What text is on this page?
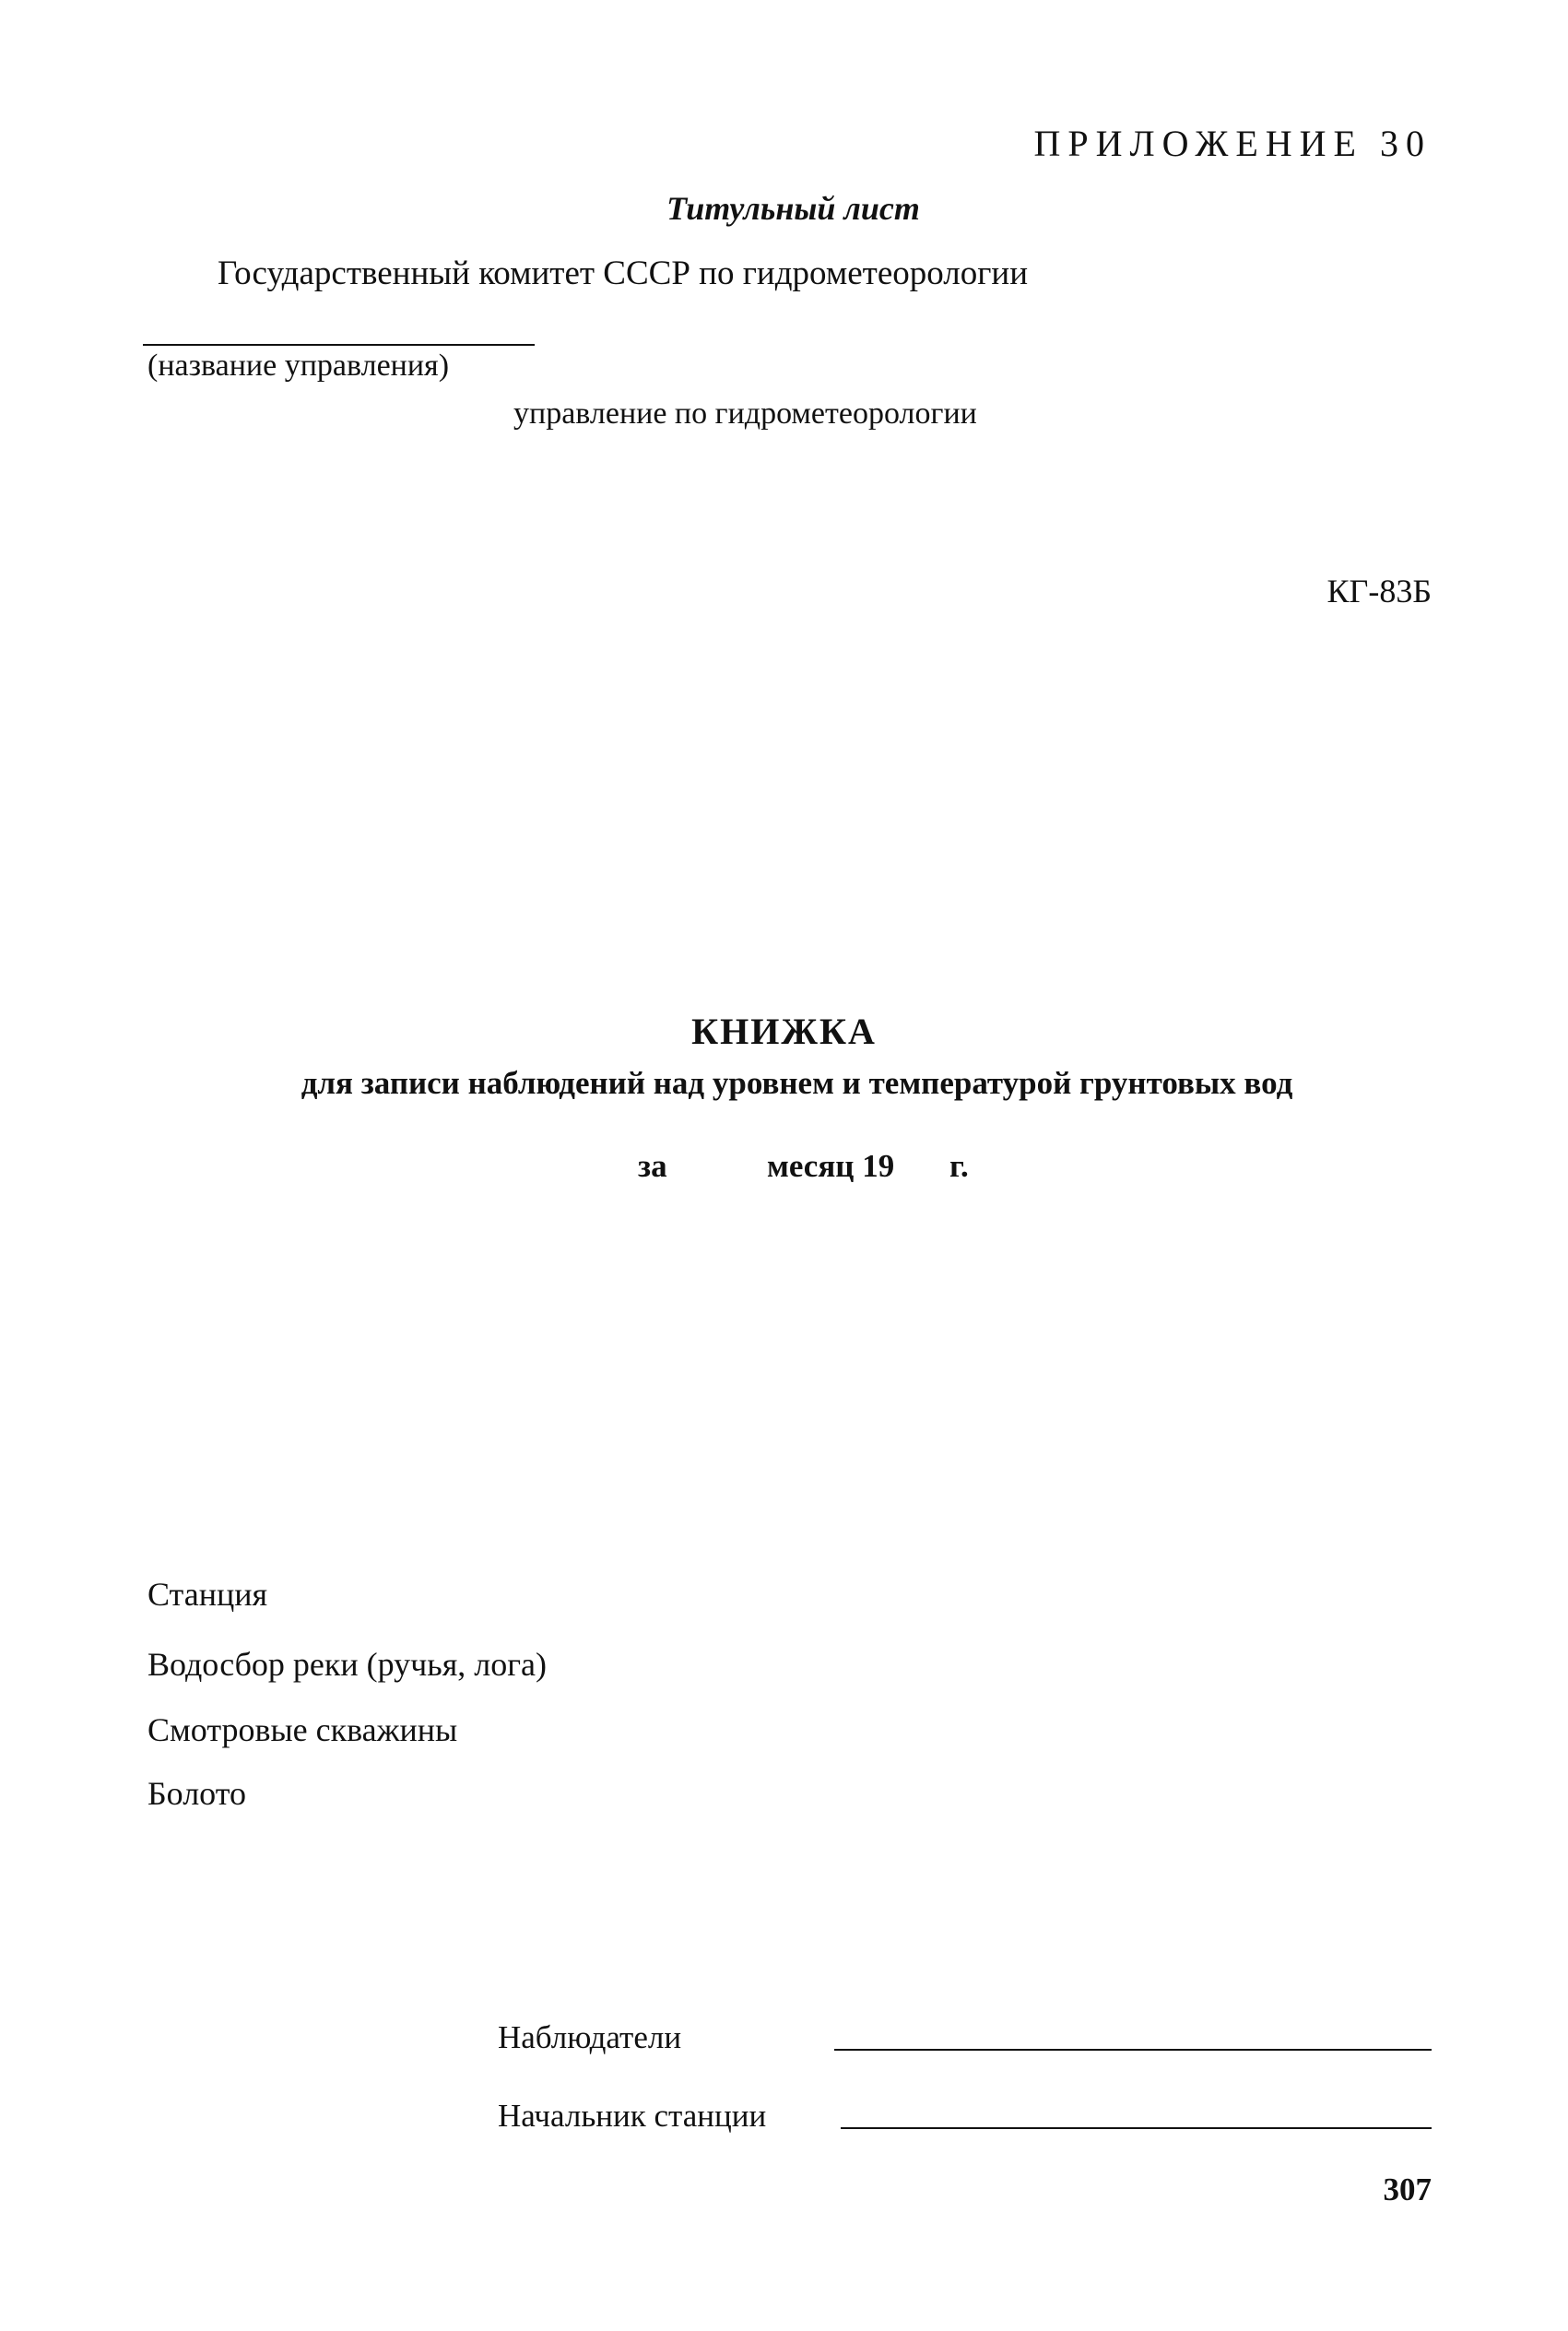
ПРИЛОЖЕНИЕ 30
Титульный лист
Государственный комитет СССР по гидрометеорологии
(название управления)
управление по гидрометеорологии
КГ-83Б
КНИЖКА
для записи наблюдений над уровнем и температурой грунтовых вод
за	месяц 19 г.
Станция
Водосбор реки (ручья, лога)
Смотровые скважины
Болото
Наблюдатели
Начальник станции
307
